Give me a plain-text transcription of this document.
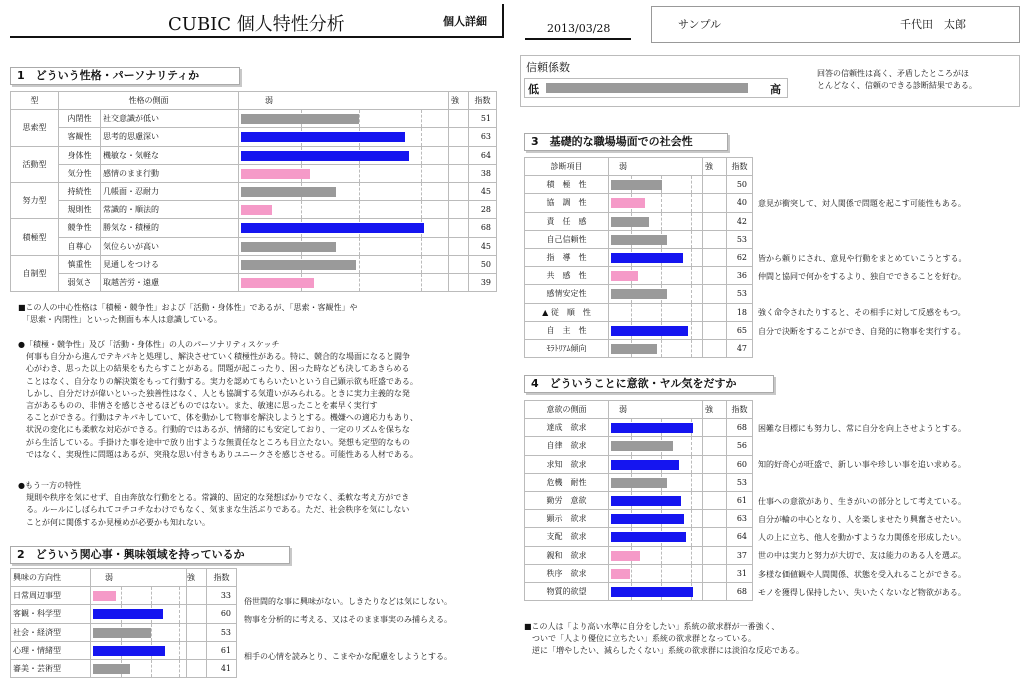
CUBIC 個人特性分析	個人詳細
2013/03/28	サンプル	千代田　太郎
信頼係数
低	高
回答の信頼性は高く、矛盾したところがほ
とんどなく、信頼のできる診断結果である。
1　どういう性格・パーソナリティか
型	性格の側面		弱 強		指数
思索型	内閉性	社交意識が低い			51
	客観性	思考的思慮深い			63
活動型	身体性	機敏な・気軽な			64
	気分性	感情のまま行動			38
努力型	持続性	几帳面・忍耐力			45
	規則性	常識的・順法的			28
積極型	競争性	勝気な・積極的			68
	自尊心	気位らいが高い			45
自制型	慎重性	見通しをつける			50
	弱気さ	取越苦労・遠慮			39
■この人の中心性格は「積極・競争性」および「活動・身体性」であるが、「思索・客観性」や
　「思索・内閉性」といった側面も本人は意識している。
●「積極・競争性」及び「活動・身体性」の人のパーソナリティスケッチ
　何事も自分から進んでテキパキと処理し、解決させていく積極性がある。特に、競合的な場面になると闘争
　心がわき、思った以上の結果をもたらすことがある。問題が起こったり、困った時なども決してあきらめる
　ことはなく、自分なりの解決策をもって行動する。実力を認めてもらいたいという自己顕示欲も旺盛である。
　しかし、自分だけが偉いといった独善性はなく、人とも協調する気遣いがみられる。ときに実力主義的な発
　言があるものの、非情さを感じさせるほどものではない。また、敏速に思ったことを素早く実行す
　ることができる。行動はテキパキしていて、体を動かして物事を解決しようとする。機嫌への適応力もあり、
　状況の変化にも柔軟な対応ができる。行動的ではあるが、情緒的にも安定しており、一定のリズムを保ちな
　がら生活している。手掛けた事を途中で放り出すような無責任なところも目立たない。発想も定型的なもの
　ではなく、実現性に問題はあるが、突飛な思い付きもありユニークさを感じさせる。可能性ある人材である。
●もう一方の特性
　規則や秩序を気にせず、自由奔放な行動をとる。常識的、固定的な発想ばかりでなく、柔軟な考え方ができ
　る。ルールにしばられてコチコチなわけでもなく、気ままな生活ぶりである。ただ、社会秩序を気にしない
　ことが何に関係するか見極めが必要かも知れない。
2　どういう関心事・興味領域を持っているか
興味の方向性	弱 強		指数
日常周辺事型			33
客観・科学型			60
社会・経済型			53
心理・情緒型			61
審美・芸術型			41
3　基礎的な職場場面での社会性
診断項目	弱 強		指数
積　極　性			50
協　調　性			40
責　任　感			42
自己信頼性			53
指　導　性			62
共　感　性			36
感情安定性			53
▲ 従　順　性			18
自　主　性			65
ﾓﾗﾄﾘｱﾑ傾向			47
4　どういうことに意欲・ヤル気をだすか
意欲の側面	弱 強		指数
達成　欲求			68
自律　欲求			56
求知　欲求			60
危機　耐性			53
勤労　意欲			61
顕示　欲求			63
支配　欲求			64
親和　欲求			37
秩序　欲求			31
物質的欲望			68
■この人は「より高い水準に自分をしたい」系統の欲求群が一番強く、
　ついで「人より優位に立ちたい」系統の欲求群となっている。
　逆に「増やしたい、減らしたくない」系統の欲求群には淡泊な反応である。
俗世間的な事に興味がない。しきたりなどは気にしない。
物事を分析的に考える、又はそのまま事実のみ捕らえる。
相手の心情を読みとり、こまやかな配慮をしようとする。
意見が衝突して、対人関係で問題を起こす可能性もある。
皆から頼りにされ、意見や行動をまとめていこうとする。
仲間と協同で何かをするより、独自でできることを好む。
強く命令されたりすると、その相手に対して反感をもつ。
自分で決断をすることができ、自発的に物事を実行する。
困難な目標にも努力し、常に自分を向上させようとする。
知的好奇心が旺盛で、新しい事や珍しい事を追い求める。
仕事への意欲があり、生きがいの部分として考えている。
自分が輪の中心となり、人を楽しませたり興奮させたい。
人の上に立ち、他人を動かすような力関係を形成したい。
世の中は実力と努力が大切で、友は能力のある人を選ぶ。
多様な価値観や人間関係、状態を受入れることができる。
モノを獲得し保持したい、失いたくないなど物欲がある。
